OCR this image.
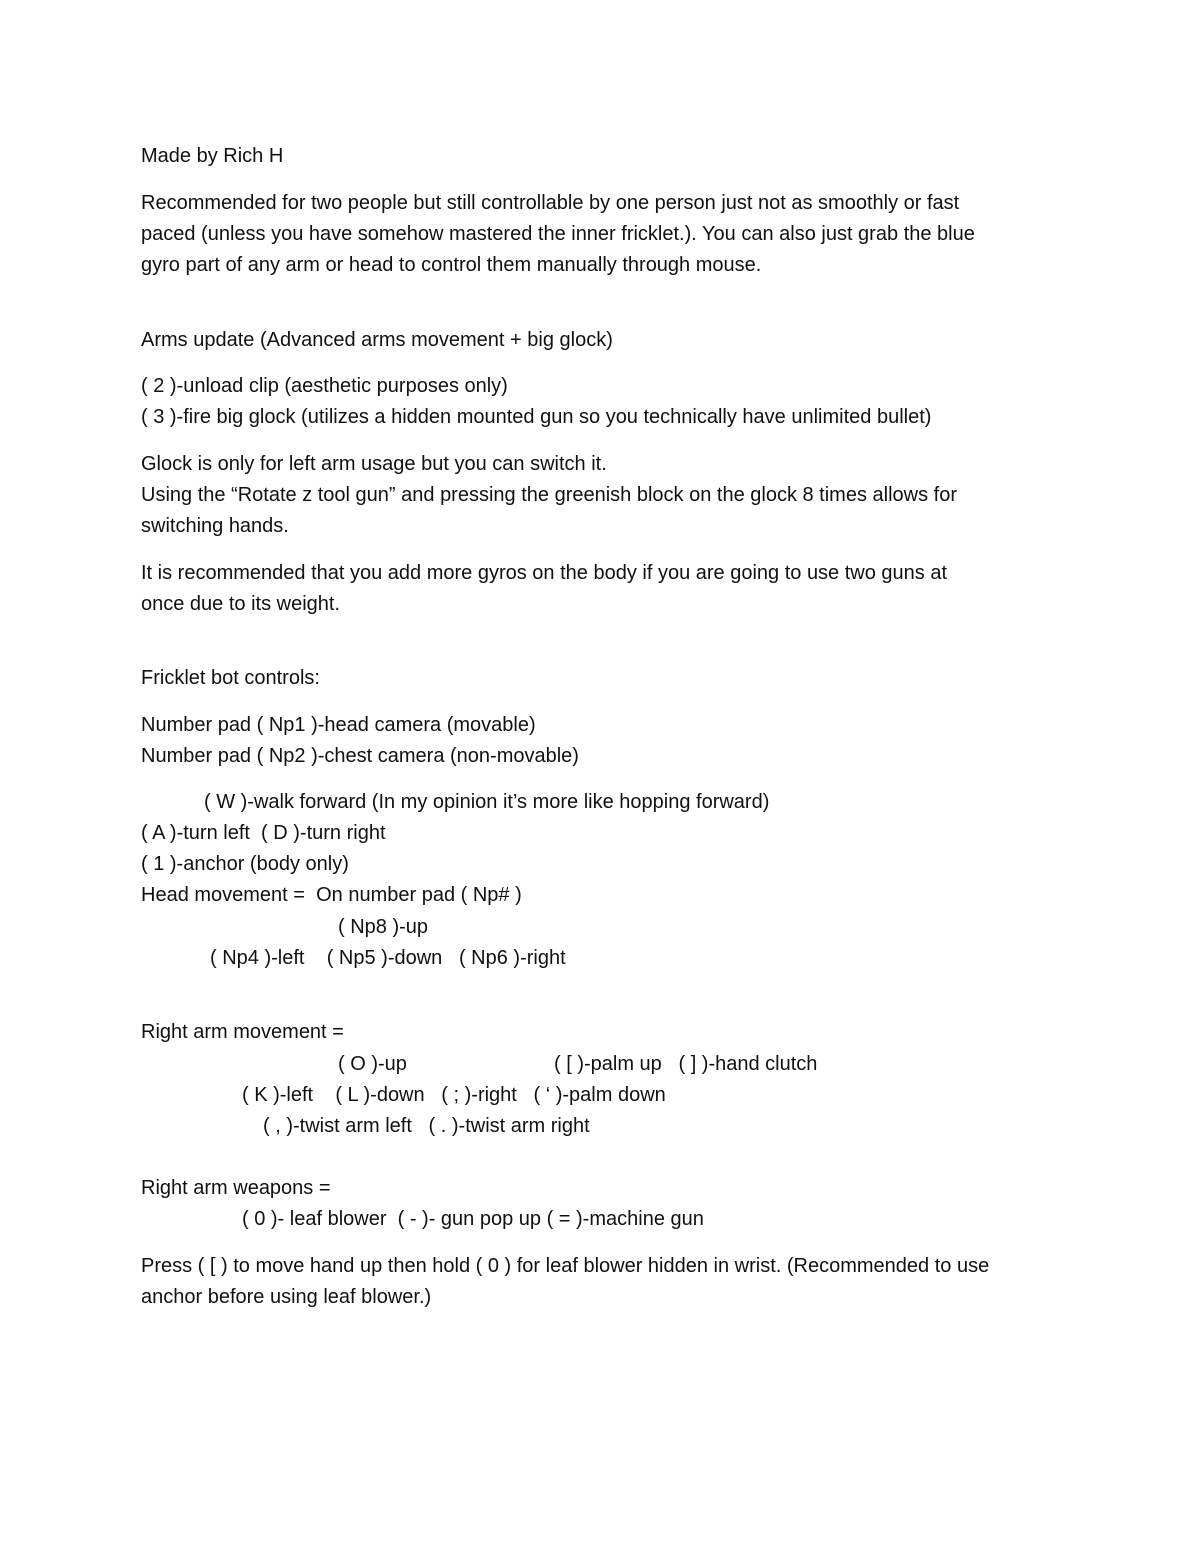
Made by Rich H
Recommended for two people but still controllable by one person just not as smoothly or fast
paced (unless you have somehow mastered the inner fricklet.). You can also just grab the blue
gyro part of any arm or head to control them manually through mouse.
Arms update (Advanced arms movement + big glock)
( 2 )-unload clip (aesthetic purposes only)
( 3 )-fire big glock (utilizes a hidden mounted gun so you technically have unlimited bullet)
Glock is only for left arm usage but you can switch it.
Using the “Rotate z tool gun” and pressing the greenish block on the glock 8 times allows for
switching hands.
It is recommended that you add more gyros on the body if you are going to use two guns at
once due to its weight.
Fricklet bot controls:
Number pad ( Np1 )-head camera (movable)
Number pad ( Np2 )-chest camera (non-movable)
( W )-walk forward (In my opinion it’s more like hopping forward)
( A )-turn left  ( D )-turn right
( 1 )-anchor (body only)
Head movement =  On number pad ( Np# )
( Np8 )-up
( Np4 )-left    ( Np5 )-down   ( Np6 )-right
Right arm movement =
( O )-up	( [ )-palm up   ( ] )-hand clutch
( K )-left    ( L )-down   ( ; )-right   ( ‘ )-palm down
( , )-twist arm left   ( . )-twist arm right
Right arm weapons =
( 0 )- leaf blower  ( - )- gun pop up ( = )-machine gun
Press ( [ ) to move hand up then hold ( 0 ) for leaf blower hidden in wrist. (Recommended to use
anchor before using leaf blower.)
